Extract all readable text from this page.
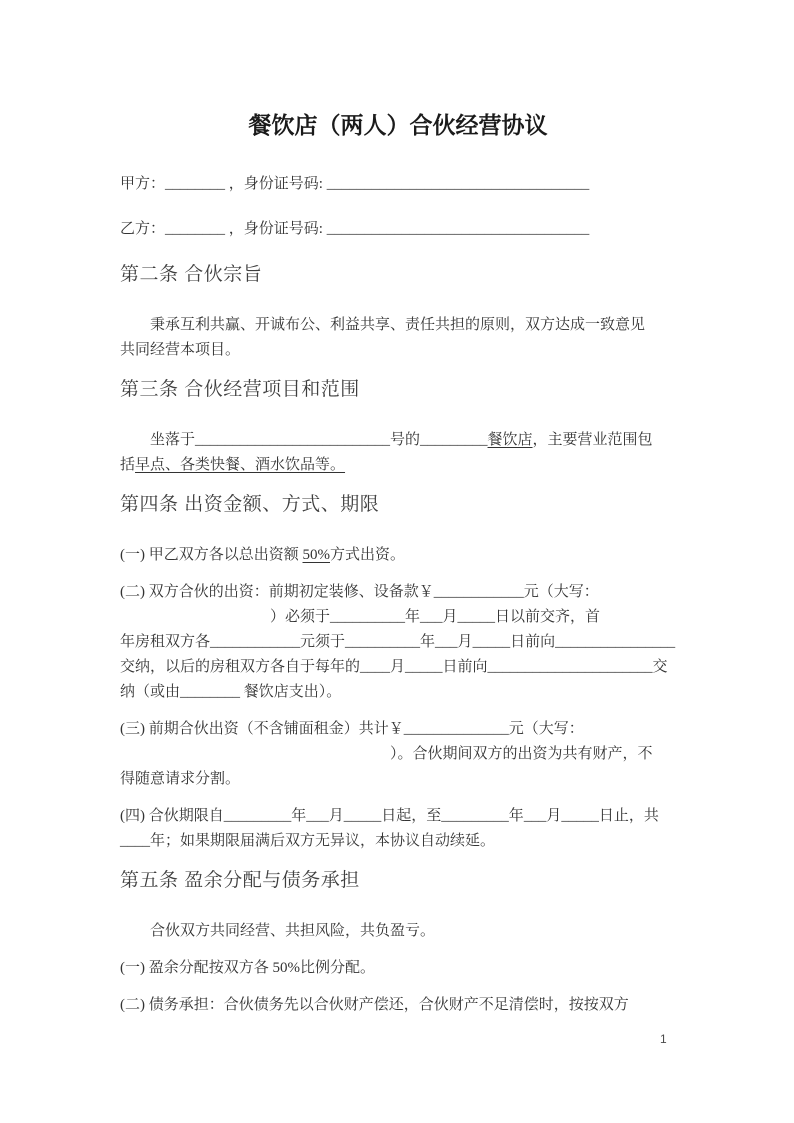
餐饮店（两人）合伙经营协议
甲方：________ ，身份证号码: ___________________________________
乙方：________ ，身份证号码: ___________________________________
第二条 合伙宗旨
　　秉承互利共赢、开诚布公、利益共享、责任共担的原则，双方达成一致意见
共同经营本项目。
第三条 合伙经营项目和范围
　　坐落于__________________________号的_________餐饮店，主要营业范围包
括早点、各类快餐、酒水饮品等。
第四条 出资金额、方式、期限
(一) 甲乙双方各以总出资额 50%方式出资。
(二) 双方合伙的出资：前期初定装修、设备款￥____________元（大写：
　　　　　　　　　　）必须于__________年___月_____日以前交齐，首
年房租双方各____________元须于__________年___月_____日前向________________
交纳，以后的房租双方各自于每年的____月_____日前向______________________交
纳（或由________ 餐饮店支出）。
(三) 前期合伙出资（不含铺面租金）共计￥______________元（大写：
　　　　　　　　　　　　　　　　　　）。合伙期间双方的出资为共有财产，不
得随意请求分割。
(四) 合伙期限自_________年___月_____日起，至_________年___月_____日止，共
____年；如果期限届满后双方无异议，本协议自动续延。
第五条 盈余分配与债务承担
　　合伙双方共同经营、共担风险，共负盈亏。
(一) 盈余分配按双方各 50%比例分配。
(二) 债务承担：合伙债务先以合伙财产偿还，合伙财产不足清偿时，按按双方
1
